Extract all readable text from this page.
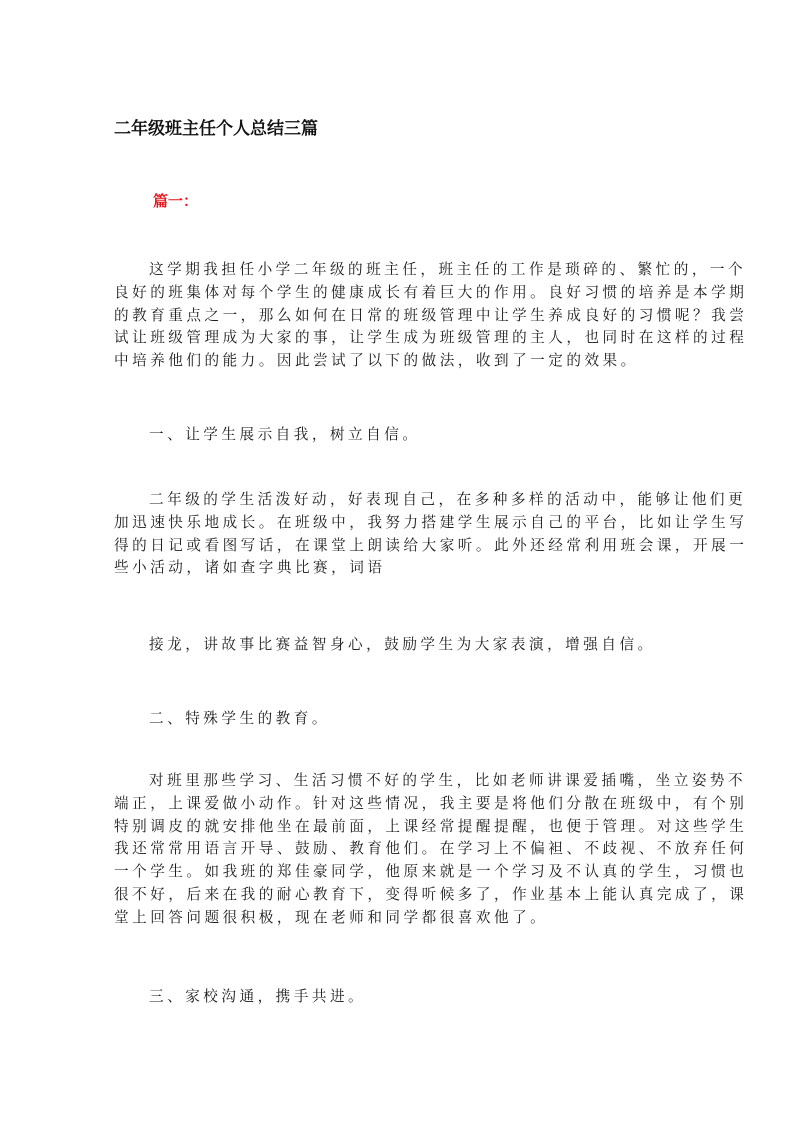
二年级班主任个人总结三篇
篇一：
这学期我担任小学二年级的班主任，班主任的工作是琐碎的、繁忙的，一个
良好的班集体对每个学生的健康成长有着巨大的作用。良好习惯的培养是本学期
的教育重点之一，那么如何在日常的班级管理中让学生养成良好的习惯呢？我尝
试让班级管理成为大家的事，让学生成为班级管理的主人，也同时在这样的过程
中培养他们的能力。因此尝试了以下的做法，收到了一定的效果。
一、让学生展示自我，树立自信。
二年级的学生活泼好动，好表现自己，在多种多样的活动中，能够让他们更
加迅速快乐地成长。在班级中，我努力搭建学生展示自己的平台，比如让学生写
得的日记或看图写话，在课堂上朗读给大家听。此外还经常利用班会课，开展一
些小活动，诸如查字典比赛，词语
接龙，讲故事比赛益智身心，鼓励学生为大家表演，增强自信。
二、特殊学生的教育。
对班里那些学习、生活习惯不好的学生，比如老师讲课爱插嘴，坐立姿势不
端正，上课爱做小动作。针对这些情况，我主要是将他们分散在班级中，有个别
特别调皮的就安排他坐在最前面，上课经常提醒提醒，也便于管理。对这些学生
我还常常用语言开导、鼓励、教育他们。在学习上不偏袒、不歧视、不放弃任何
一个学生。如我班的郑佳豪同学，他原来就是一个学习及不认真的学生，习惯也
很不好，后来在我的耐心教育下，变得听候多了，作业基本上能认真完成了，课
堂上回答问题很积极，现在老师和同学都很喜欢他了。
三、家校沟通，携手共进。
